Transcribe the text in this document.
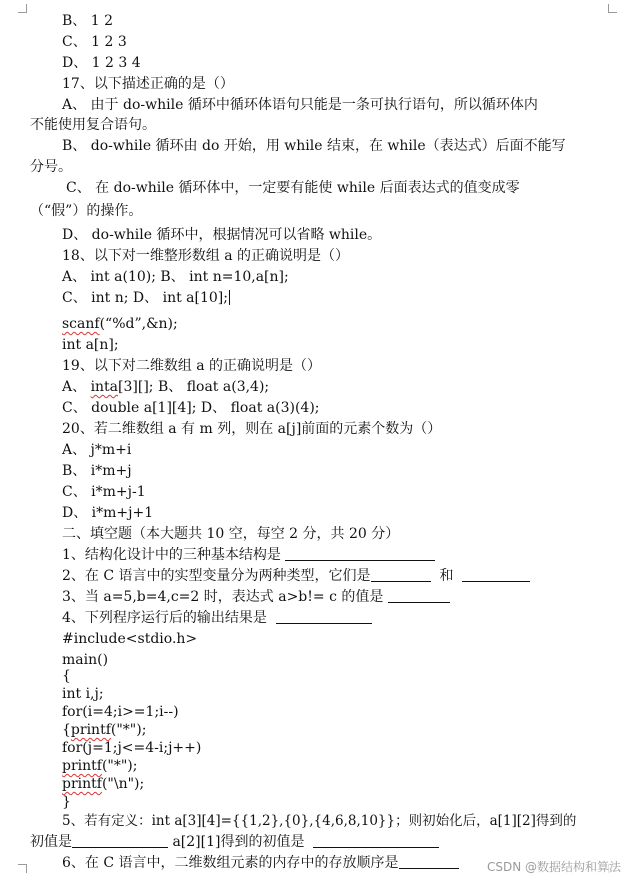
B、 1 2
C、 1 2 3
D、 1 2 3 4
17、以下描述正确的是（）
A、 由于 do-while 循环中循环体语句只能是一条可执行语句，所以循环体内
不能使用复合语句。
B、 do-while 循环由 do 开始，用 while 结束，在 while（表达式）后面不能写
分号。
C、 在 do-while 循环体中，一定要有能使 while 后面表达式的值变成零
（“假”）的操作。
D、 do-while 循环中，根据情况可以省略 while。
18、以下对一维整形数组 a 的正确说明是（）
A、 int a(10); B、 int n=10,a[n];
C、 int n; D、 int a[10];
scanf(“%d”,&n);
int a[n];
19、以下对二维数组 a 的正确说明是（）
A、 inta[3][]; B、 float a(3,4);
C、 double a[1][4]; D、 float a(3)(4);
20、若二维数组 a 有 m 列，则在 a[j]前面的元素个数为（）
A、 j*m+i
B、 i*m+j
C、 i*m+j-1
D、 i*m+j+1
二、填空题（本大题共 10 空，每空 2 分，共 20 分）
1、结构化设计中的三种基本结构是
2、在 C 语言中的实型变量分为两种类型，它们是	和
3、当 a=5,b=4,c=2 时，表达式 a>b!= c 的值是
4、下列程序运行后的输出结果是
#include<stdio.h>
main()
{
int i,j;
for(i=4;i>=1;i--)
{printf("*");
for(j=1;j<=4-i;j++)
printf("*");
printf("\n");
}
5、若有定义：int a[3][4]={{1,2},{0},{4,6,8,10}}；则初始化后，a[1][2]得到的
初值是	a[2][1]得到的初值是
6、在 C 语言中，二维数组元素的内存中的存放顺序是	CSDN @数据结构和算法
